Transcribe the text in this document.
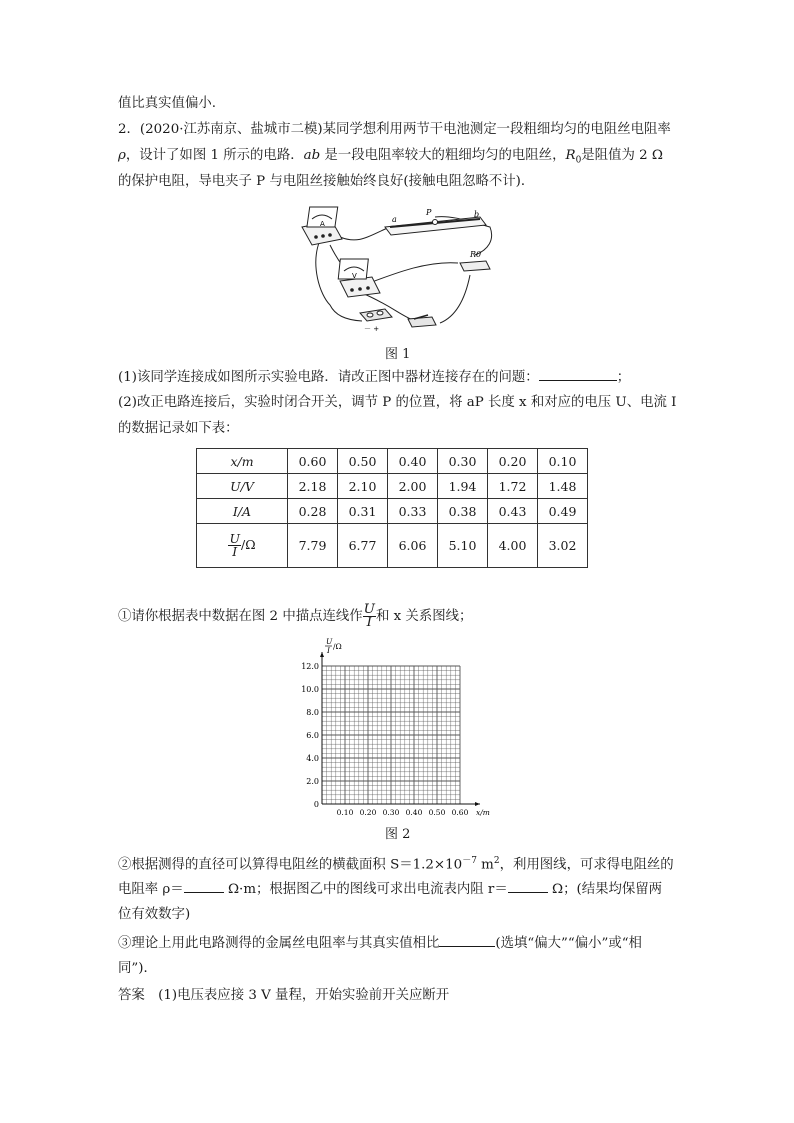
值比真实值偏小.
2．(2020·江苏南京、盐城市二模)某同学想利用两节干电池测定一段粗细均匀的电阻丝电阻率
ρ，设计了如图 1 所示的电路．ab 是一段电阻率较大的粗细均匀的电阻丝，$R_0$是阻值为 2 Ω
的保护电阻，导电夹子 P 与电阻丝接触始终良好(接触电阻忽略不计)．
A	a
b
P
R0
V
－ +
图 1
(1)该同学连接成如图所示实验电路．请改正图中器材连接存在的问题：	；
(2)改正电路连接后，实验时闭合开关，调节 P 的位置，将 aP 长度 x 和对应的电压 U、电流 I
的数据记录如下表：
x/m	0.60	0.50	0.40	0.30	0.20	0.10
U/V	2.18	2.10	2.00	1.94	1.72	1.48
I/A	0.28	0.31	0.33	0.38	0.43	0.49

$\frac{U}{I} /\Omega$	7.79	6.77	6.06	5.10	4.00	3.02
①请你根据表中数据在图 2 中描点连线作 $\frac{U}{I}$ 和 x 关系图线；
12.0
10.0
8.0
6.0
4.0
2.0
0
0.10 0.20 0.30 0.40 0.50 0.60 x/m
U
I /Ω
图 2
②根据测得的直径可以算得电阻丝的横截面积 $S=1.2\times 10^{-7}$ $m^2$，利用图线，可求得电阻丝的
电阻率 ρ＝	Ω·m；根据图乙中的图线可求出电流表内阻 r＝	Ω；(结果均保留两
位有效数字)
③理论上用此电路测得的金属丝电阻率与其真实值相比	(选填“偏大”“偏小”或“相
同”)．
答案　(1)电压表应接 3 V 量程，开始实验前开关应断开
